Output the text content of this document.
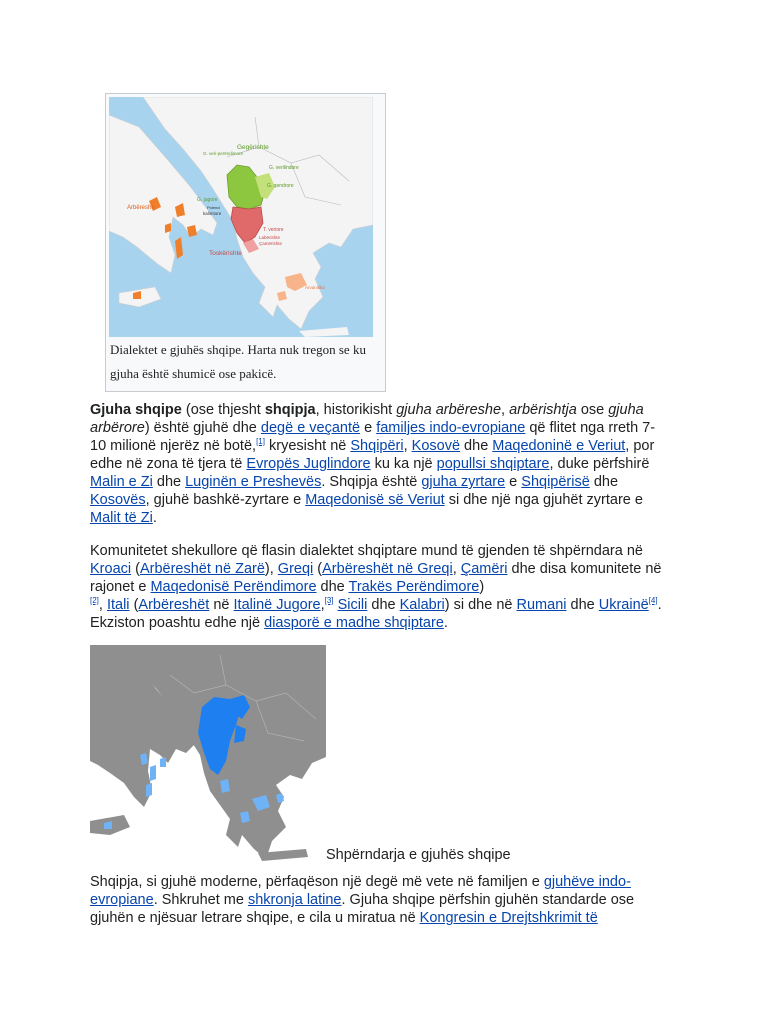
Gegërishte
G. veri-perëndimore
G. verilindore
G. qendrore
G. jugore
Polenci
kalimtore
Arbëreshe
Toskërishte
T. veriore
Labërishte
Çamërishte
Arvanitika
Dialektet e gjuhës shqipe. Harta nuk tregon se ku gjuha është shumicë ose pakicë.
Gjuha shqipe (ose thjesht shqipja, historikisht gjuha arbëreshe, arbërishtja ose gjuha arbërore) është gjuhë dhe degë e veçantë e familjes indo-evropiane që flitet nga rreth 7-10 milionë njerëz në botë,[1] kryesisht në Shqipëri, Kosovë dhe Maqedoninë e Veriut, por edhe në zona të tjera të Evropës Juglindore ku ka një popullsi shqiptare, duke përfshirë Malin e Zi dhe Luginën e Preshevës. Shqipja është gjuha zyrtare e Shqipërisë dhe Kosovës, gjuhë bashkë-zyrtare e Maqedonisë së Veriut si dhe një nga gjuhët zyrtare e Malit të Zi.
Komunitetet shekullore që flasin dialektet shqiptare mund të gjenden të shpërndara në Kroaci (Arbëreshët në Zarë), Greqi (Arbëreshët në Greqi, Çamëri dhe disa komunitete në rajonet e Maqedonisë Perëndimore dhe Trakës Perëndimore)
[2], Itali (Arbëreshët në Italinë Jugore,[3] Sicili dhe Kalabri) si dhe në Rumani dhe Ukrainë[4]. Ekziston poashtu edhe një diasporë e madhe shqiptare.
Shpërndarja e gjuhës shqipe
Shqipja, si gjuhë moderne, përfaqëson një degë më vete në familjen e gjuhëve indo-evropiane. Shkruhet me shkronja latine. Gjuha shqipe përfshin gjuhën standarde ose gjuhën e njësuar letrare shqipe, e cila u miratua në Kongresin e Drejtshkrimit të
